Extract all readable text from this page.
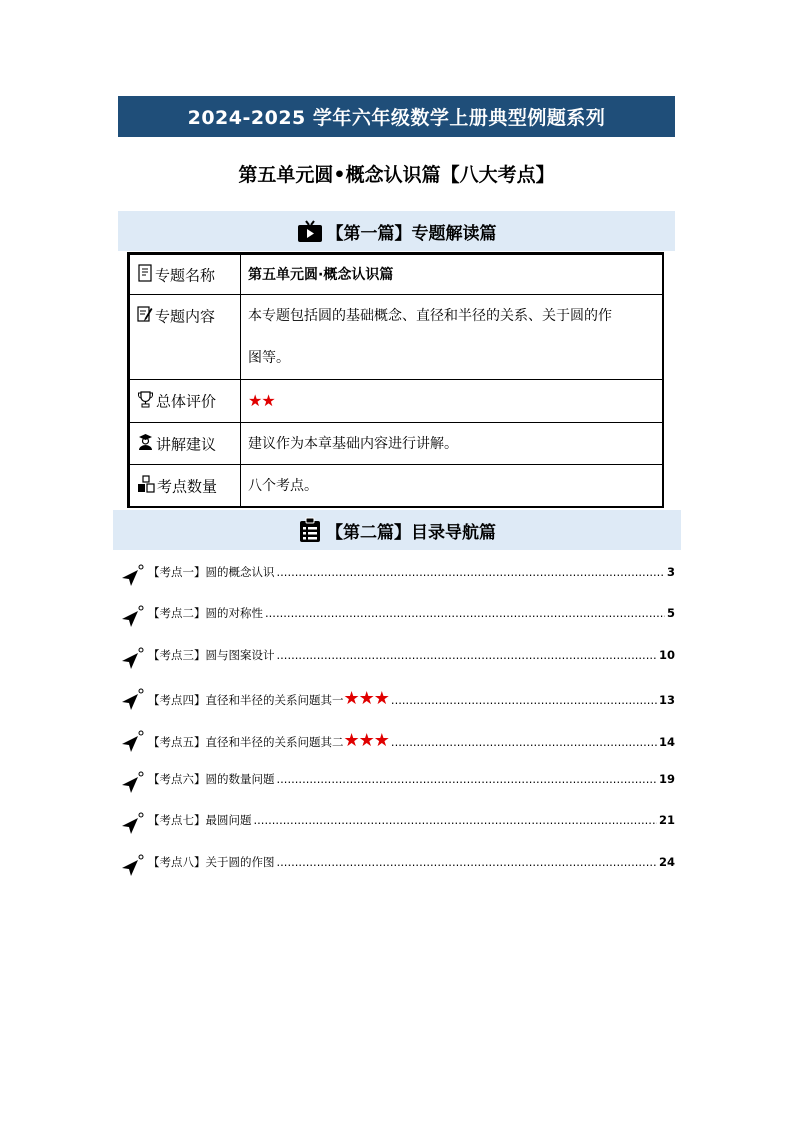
2024-2025 学年六年级数学上册典型例题系列
第五单元圆•概念认识篇【八大考点】
【第一篇】专题解读篇
专题名称	第五单元圆·概念认识篇
专题内容	本专题包括圆的基础概念、直径和半径的关系、关于圆的作
图等。

总体评价	★★
讲解建议	建议作为本章基础内容进行讲解。
考点数量	八个考点。
【第二篇】目录导航篇
【考点一】圆的概念认识 .....	3
【考点二】圆的对称性 .....	5
【考点三】圆与图案设计 .....	10
【考点四】直径和半径的关系问题其一 ★★★ .....	13
【考点五】直径和半径的关系问题其二 ★★★ .....	14
【考点六】圆的数量问题 .....	19
【考点七】最圆问题 .....	21
【考点八】关于圆的作图 .....	24
